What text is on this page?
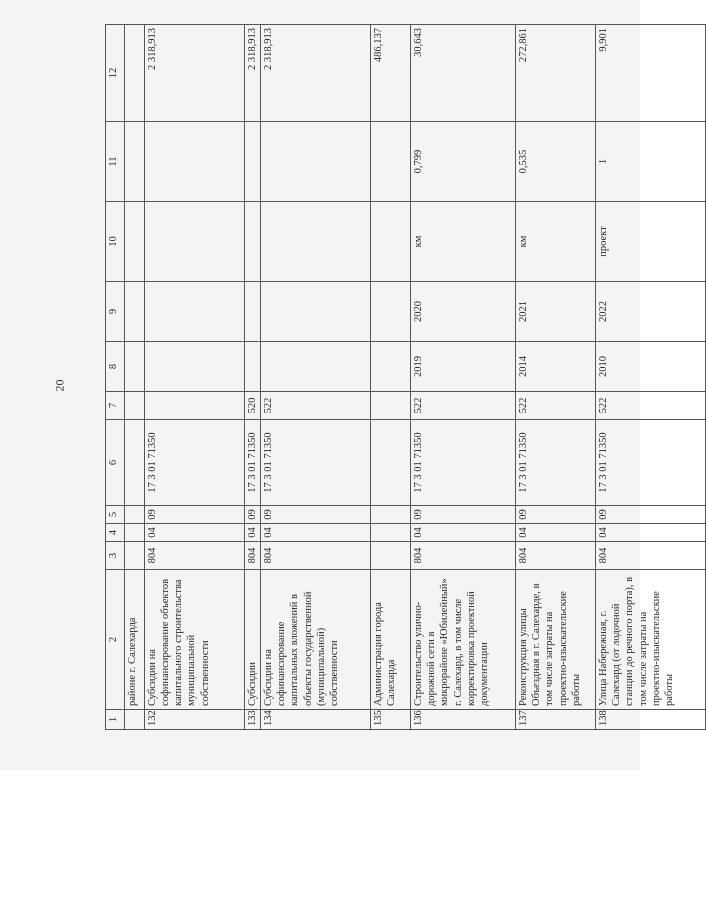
20
1	2	3	4	5	6	7	8	9	10	11	12
	районе г. Салехарда										
132	Субсидии на софинансирование объектов капитального строительства муниципальной собственности	804	04	09	17 3 01 71350						2 318,913
133	Субсидии	804	04	09	17 3 01 71350	520					2 318,913
134	Субсидии на софинансирование капитальных вложений в объекты государственной (муниципальной) собственности	804	04	09	17 3 01 71350	522					2 318,913
135	Администрация города Салехарда										486,137
136	Строительство улично-дорожной сети в микрорайоне «Юбилейный» г. Салехард, в том числе корректировка проектной документации	804	04	09	17 3 01 71350	522	2019	2020	км	0,799	30,643
137	Реконструкция улицы Объездная в г. Салехарде, в том числе затраты на проектно-изыскательские работы	804	04	09	17 3 01 71350	522	2014	2021	км	0,535	272,861
138	Улица Набережная, г. Салехард (от лодочной станции до речного порта), в том числе затраты на проектно-изыскательские работы	804	04	09	17 3 01 71350	522	2010	2022	проект	1	9,901
